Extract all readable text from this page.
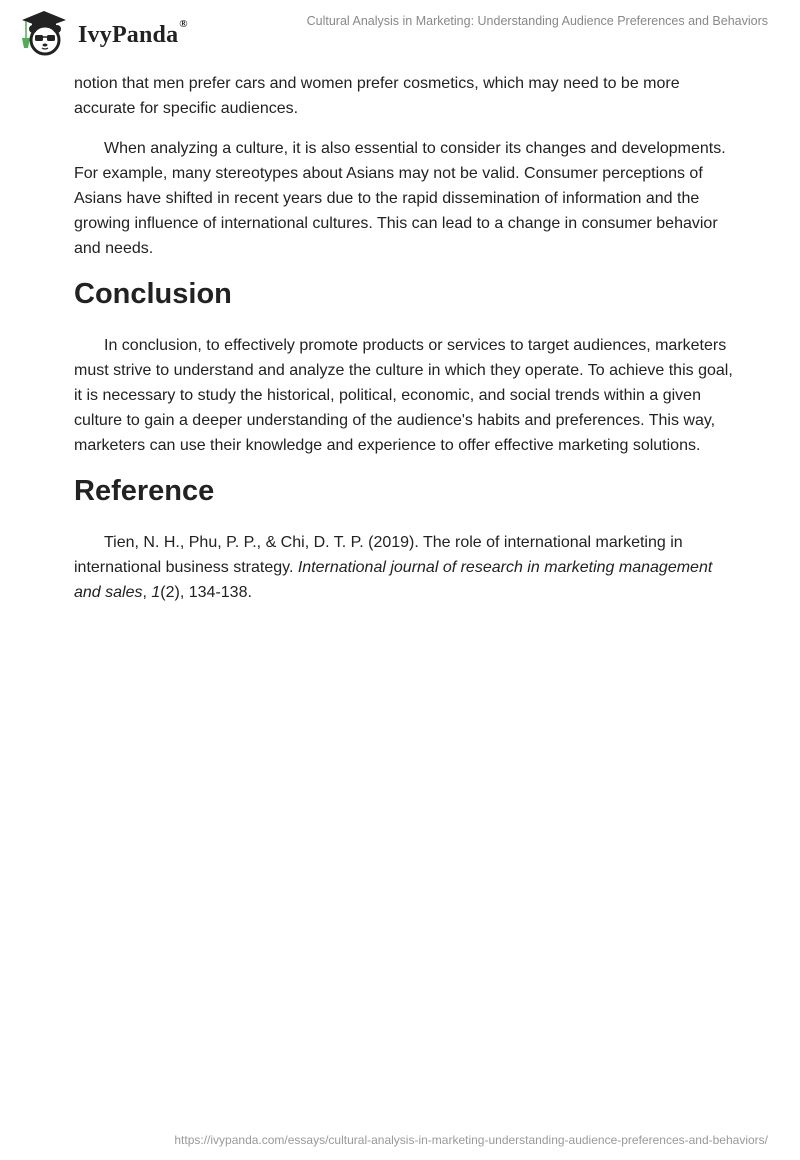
IvyPanda®	Cultural Analysis in Marketing: Understanding Audience Preferences and Behaviors

notion that men prefer cars and women prefer cosmetics, which may need to be more accurate for specific audiences.

When analyzing a culture, it is also essential to consider its changes and developments. For example, many stereotypes about Asians may not be valid. Consumer perceptions of Asians have shifted in recent years due to the rapid dissemination of information and the growing influence of international cultures. This can lead to a change in consumer behavior and needs.

Conclusion

In conclusion, to effectively promote products or services to target audiences, marketers must strive to understand and analyze the culture in which they operate. To achieve this goal, it is necessary to study the historical, political, economic, and social trends within a given culture to gain a deeper understanding of the audience's habits and preferences. This way, marketers can use their knowledge and experience to offer effective marketing solutions.

Reference

Tien, N. H., Phu, P. P., & Chi, D. T. P. (2019). The role of international marketing in international business strategy. International journal of research in marketing management and sales, 1(2), 134-138.

https://ivypanda.com/essays/cultural-analysis-in-marketing-understanding-audience-preferences-and-behaviors/
